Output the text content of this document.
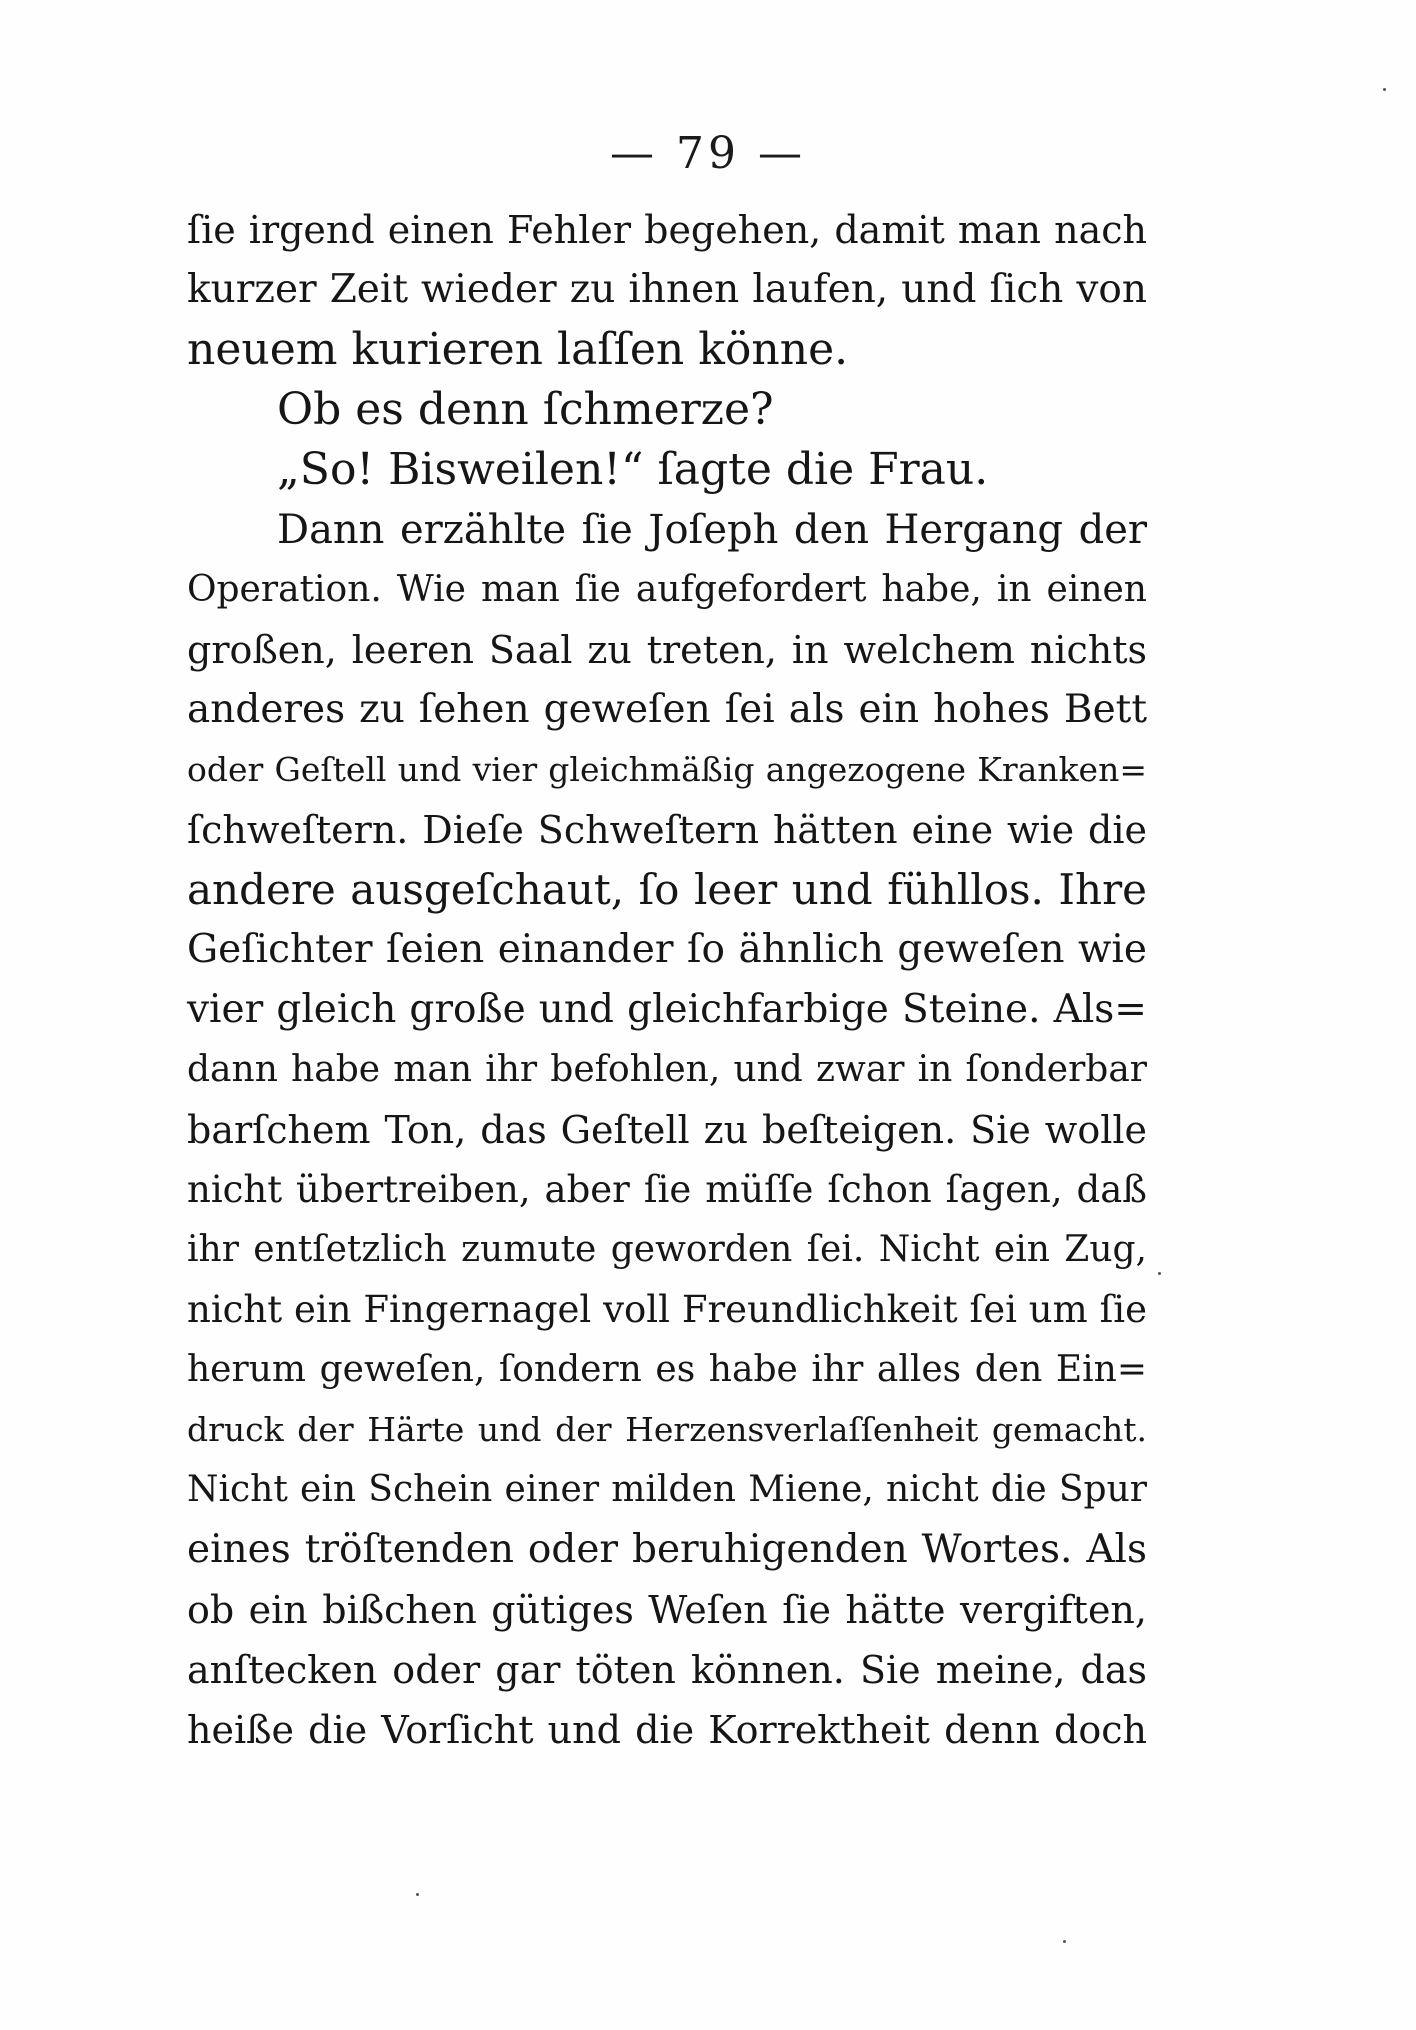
— 79 —
ſie irgend einen Fehler begehen, damit man nach
kurzer Zeit wieder zu ihnen laufen, und ſich von
neuem kurieren laſſen könne.
Ob es denn ſchmerze?
„So! Bisweilen!“ ſagte die Frau.
Dann erzählte ſie Joſeph den Hergang der
Operation. Wie man ſie aufgefordert habe, in einen
großen, leeren Saal zu treten, in welchem nichts
anderes zu ſehen geweſen ſei als ein hohes Bett
oder Geſtell und vier gleichmäßig angezogene Kranken=
ſchweſtern. Dieſe Schweſtern hätten eine wie die
andere ausgeſchaut, ſo leer und fühllos. Ihre
Geſichter ſeien einander ſo ähnlich geweſen wie
vier gleich große und gleichfarbige Steine. Als=
dann habe man ihr befohlen, und zwar in ſonderbar
barſchem Ton, das Geſtell zu beſteigen. Sie wolle
nicht übertreiben, aber ſie müſſe ſchon ſagen, daß
ihr entſetzlich zumute geworden ſei. Nicht ein Zug,
nicht ein Fingernagel voll Freundlichkeit ſei um ſie
herum geweſen, ſondern es habe ihr alles den Ein=
druck der Härte und der Herzensverlaſſenheit gemacht.
Nicht ein Schein einer milden Miene, nicht die Spur
eines tröſtenden oder beruhigenden Wortes. Als
ob ein bißchen gütiges Weſen ſie hätte vergiften,
anſtecken oder gar töten können. Sie meine, das
heiße die Vorſicht und die Korrektheit denn doch
